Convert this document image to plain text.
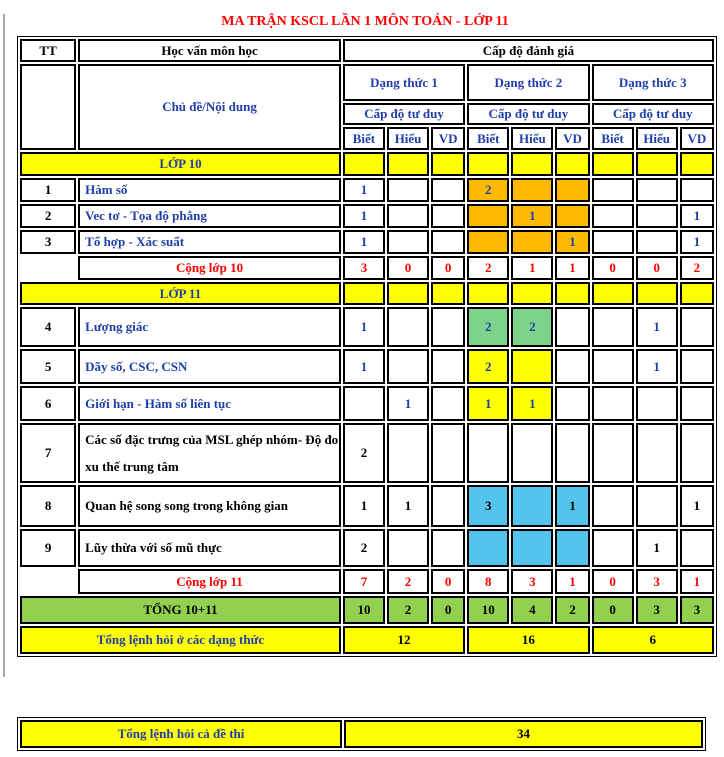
MA TRẬN KSCL LẦN 1 MÔN TOÁN - LỚP 11
TT	Học vấn môn học	Cấp độ đánh giá								
	Chủ đề/Nội dung	Dạng thức 1			Dạng thức 2			Dạng thức 3		
		Cấp độ tư duy			Cấp độ tư duy			Cấp độ tư duy		
		Biết	Hiểu	VD	Biết	Hiểu	VD	Biết	Hiểu	VD
LỚP 10										
1	Hàm số	1			2					
2	Vec tơ - Tọa độ phẳng	1				1				1
3	Tổ hợp - Xác suất	1					1			1
	Cộng lớp 10	3	0	0	2	1	1	0	0	2
LỚP 11										
4	Lượng giác	1			2	2			1	
5	Dãy số, CSC, CSN	1			2				1	
6	Giới hạn - Hàm số liên tục		1		1	1				
7	Các số đặc trưng của MSL ghép nhóm- Độ đo xu thế trung tâm	2								
8	Quan hệ song song trong không gian	1	1		3		1			1
9	Lũy thừa với số mũ thực	2							1	
	Cộng lớp 11	7	2	0	8	3	1	0	3	1
TỔNG 10+11		10	2	0	10	4	2	0	3	3
Tổng lệnh hỏi ở các dạng thức		12			16			6		
Tổng lệnh hỏi cả đề thi	34
